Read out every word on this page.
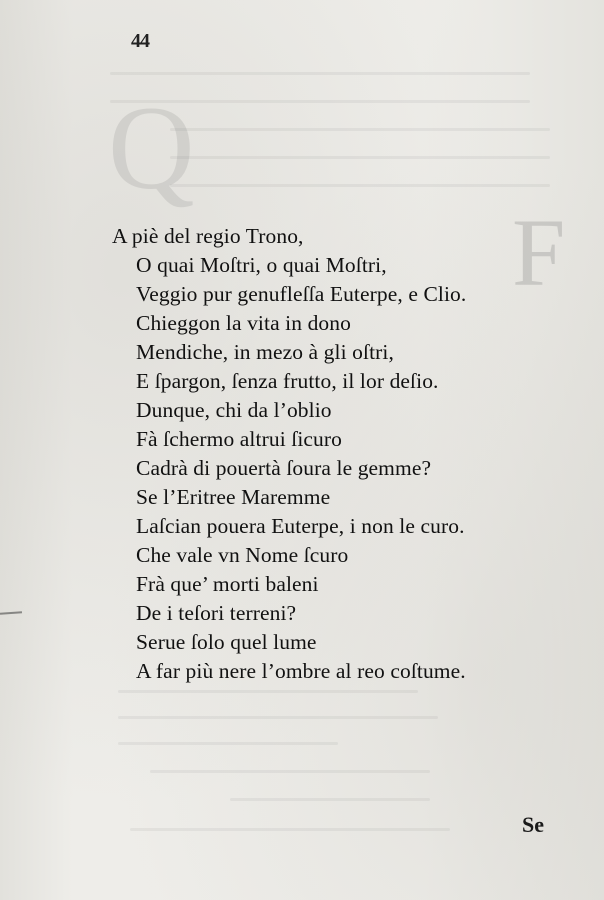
Q
F
44
A piè del regio Trono,
O quai Moſtri, o quai Moſtri,
Veggio pur genufleſſa Euterpe, e Clio.
Chieggon la vita in dono
Mendiche, in mezo à gli oſtri,
E ſpargon, ſenza frutto, il lor deſio.
Dunque, chi da l’oblio
Fà ſchermo altrui ſicuro
Cadrà di pouertà ſoura le gemme?
Se l’Eritree Maremme
Laſcian pouera Euterpe, i non le curo.
Che vale vn Nome ſcuro
Frà que’ morti baleni
De i teſori terreni?
Serue ſolo quel lume
A far più nere l’ombre al reo coſtume.
Se
